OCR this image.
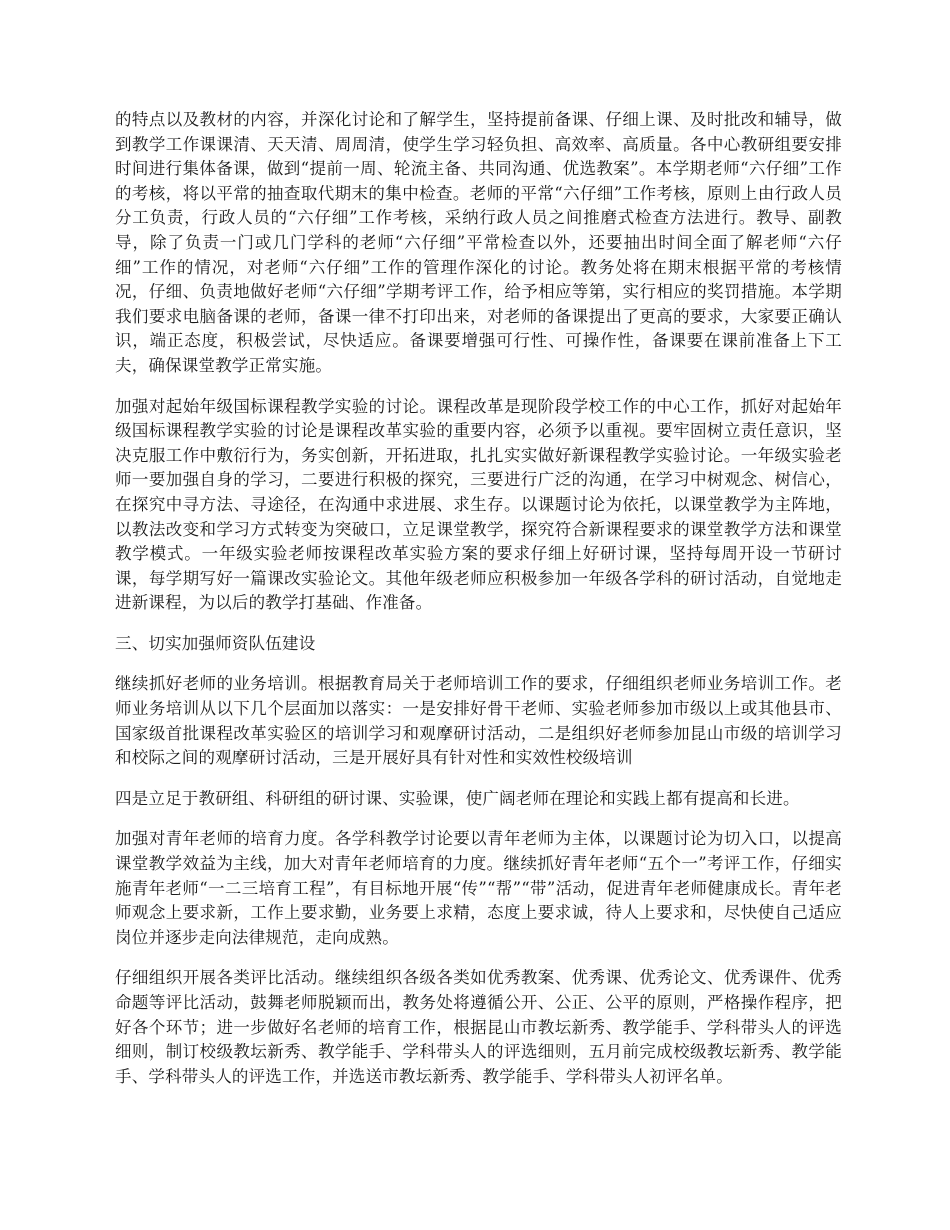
的特点以及教材的内容，并深化讨论和了解学生，坚持提前备课、仔细上课、及时批改和辅导，做到教学工作课课清、天天清、周周清，使学生学习轻负担、高效率、高质量。各中心教研组要安排时间进行集体备课，做到“提前一周、轮流主备、共同沟通、优选教案”。本学期老师“六仔细”工作的考核，将以平常的抽查取代期末的集中检查。老师的平常“六仔细”工作考核，原则上由行政人员分工负责，行政人员的“六仔细”工作考核，采纳行政人员之间推磨式检查方法进行。教导、副教导，除了负责一门或几门学科的老师“六仔细”平常检查以外，还要抽出时间全面了解老师“六仔细”工作的情况，对老师“六仔细”工作的管理作深化的讨论。教务处将在期末根据平常的考核情况，仔细、负责地做好老师“六仔细”学期考评工作，给予相应等第，实行相应的奖罚措施。本学期我们要求电脑备课的老师，备课一律不打印出来，对老师的备课提出了更高的要求，大家要正确认识，端正态度，积极尝试，尽快适应。备课要增强可行性、可操作性，备课要在课前准备上下工夫，确保课堂教学正常实施。

加强对起始年级国标课程教学实验的讨论。课程改革是现阶段学校工作的中心工作，抓好对起始年级国标课程教学实验的讨论是课程改革实验的重要内容，必须予以重视。要牢固树立责任意识，坚决克服工作中敷衍行为，务实创新，开拓进取，扎扎实实做好新课程教学实验讨论。一年级实验老师一要加强自身的学习，二要进行积极的探究，三要进行广泛的沟通，在学习中树观念、树信心，在探究中寻方法、寻途径，在沟通中求进展、求生存。以课题讨论为依托，以课堂教学为主阵地，以教法改变和学习方式转变为突破口，立足课堂教学，探究符合新课程要求的课堂教学方法和课堂教学模式。一年级实验老师按课程改革实验方案的要求仔细上好研讨课，坚持每周开设一节研讨课，每学期写好一篇课改实验论文。其他年级老师应积极参加一年级各学科的研讨活动，自觉地走进新课程，为以后的教学打基础、作准备。

三、切实加强师资队伍建设

继续抓好老师的业务培训。根据教育局关于老师培训工作的要求，仔细组织老师业务培训工作。老师业务培训从以下几个层面加以落实：一是安排好骨干老师、实验老师参加市级以上或其他县市、国家级首批课程改革实验区的培训学习和观摩研讨活动，二是组织好老师参加昆山市级的培训学习和校际之间的观摩研讨活动，三是开展好具有针对性和实效性校级培训

四是立足于教研组、科研组的研讨课、实验课，使广阔老师在理论和实践上都有提高和长进。

加强对青年老师的培育力度。各学科教学讨论要以青年老师为主体，以课题讨论为切入口，以提高课堂教学效益为主线，加大对青年老师培育的力度。继续抓好青年老师“五个一”考评工作，仔细实施青年老师“一二三培育工程”，有目标地开展“传”“帮”“带”活动，促进青年老师健康成长。青年老师观念上要求新，工作上要求勤，业务要上求精，态度上要求诚，待人上要求和，尽快使自己适应岗位并逐步走向法律规范，走向成熟。

仔细组织开展各类评比活动。继续组织各级各类如优秀教案、优秀课、优秀论文、优秀课件、优秀命题等评比活动，鼓舞老师脱颖而出，教务处将遵循公开、公正、公平的原则，严格操作程序，把好各个环节；进一步做好名老师的培育工作，根据昆山市教坛新秀、教学能手、学科带头人的评选细则，制订校级教坛新秀、教学能手、学科带头人的评选细则，五月前完成校级教坛新秀、教学能手、学科带头人的评选工作，并选送市教坛新秀、教学能手、学科带头人初评名单。
